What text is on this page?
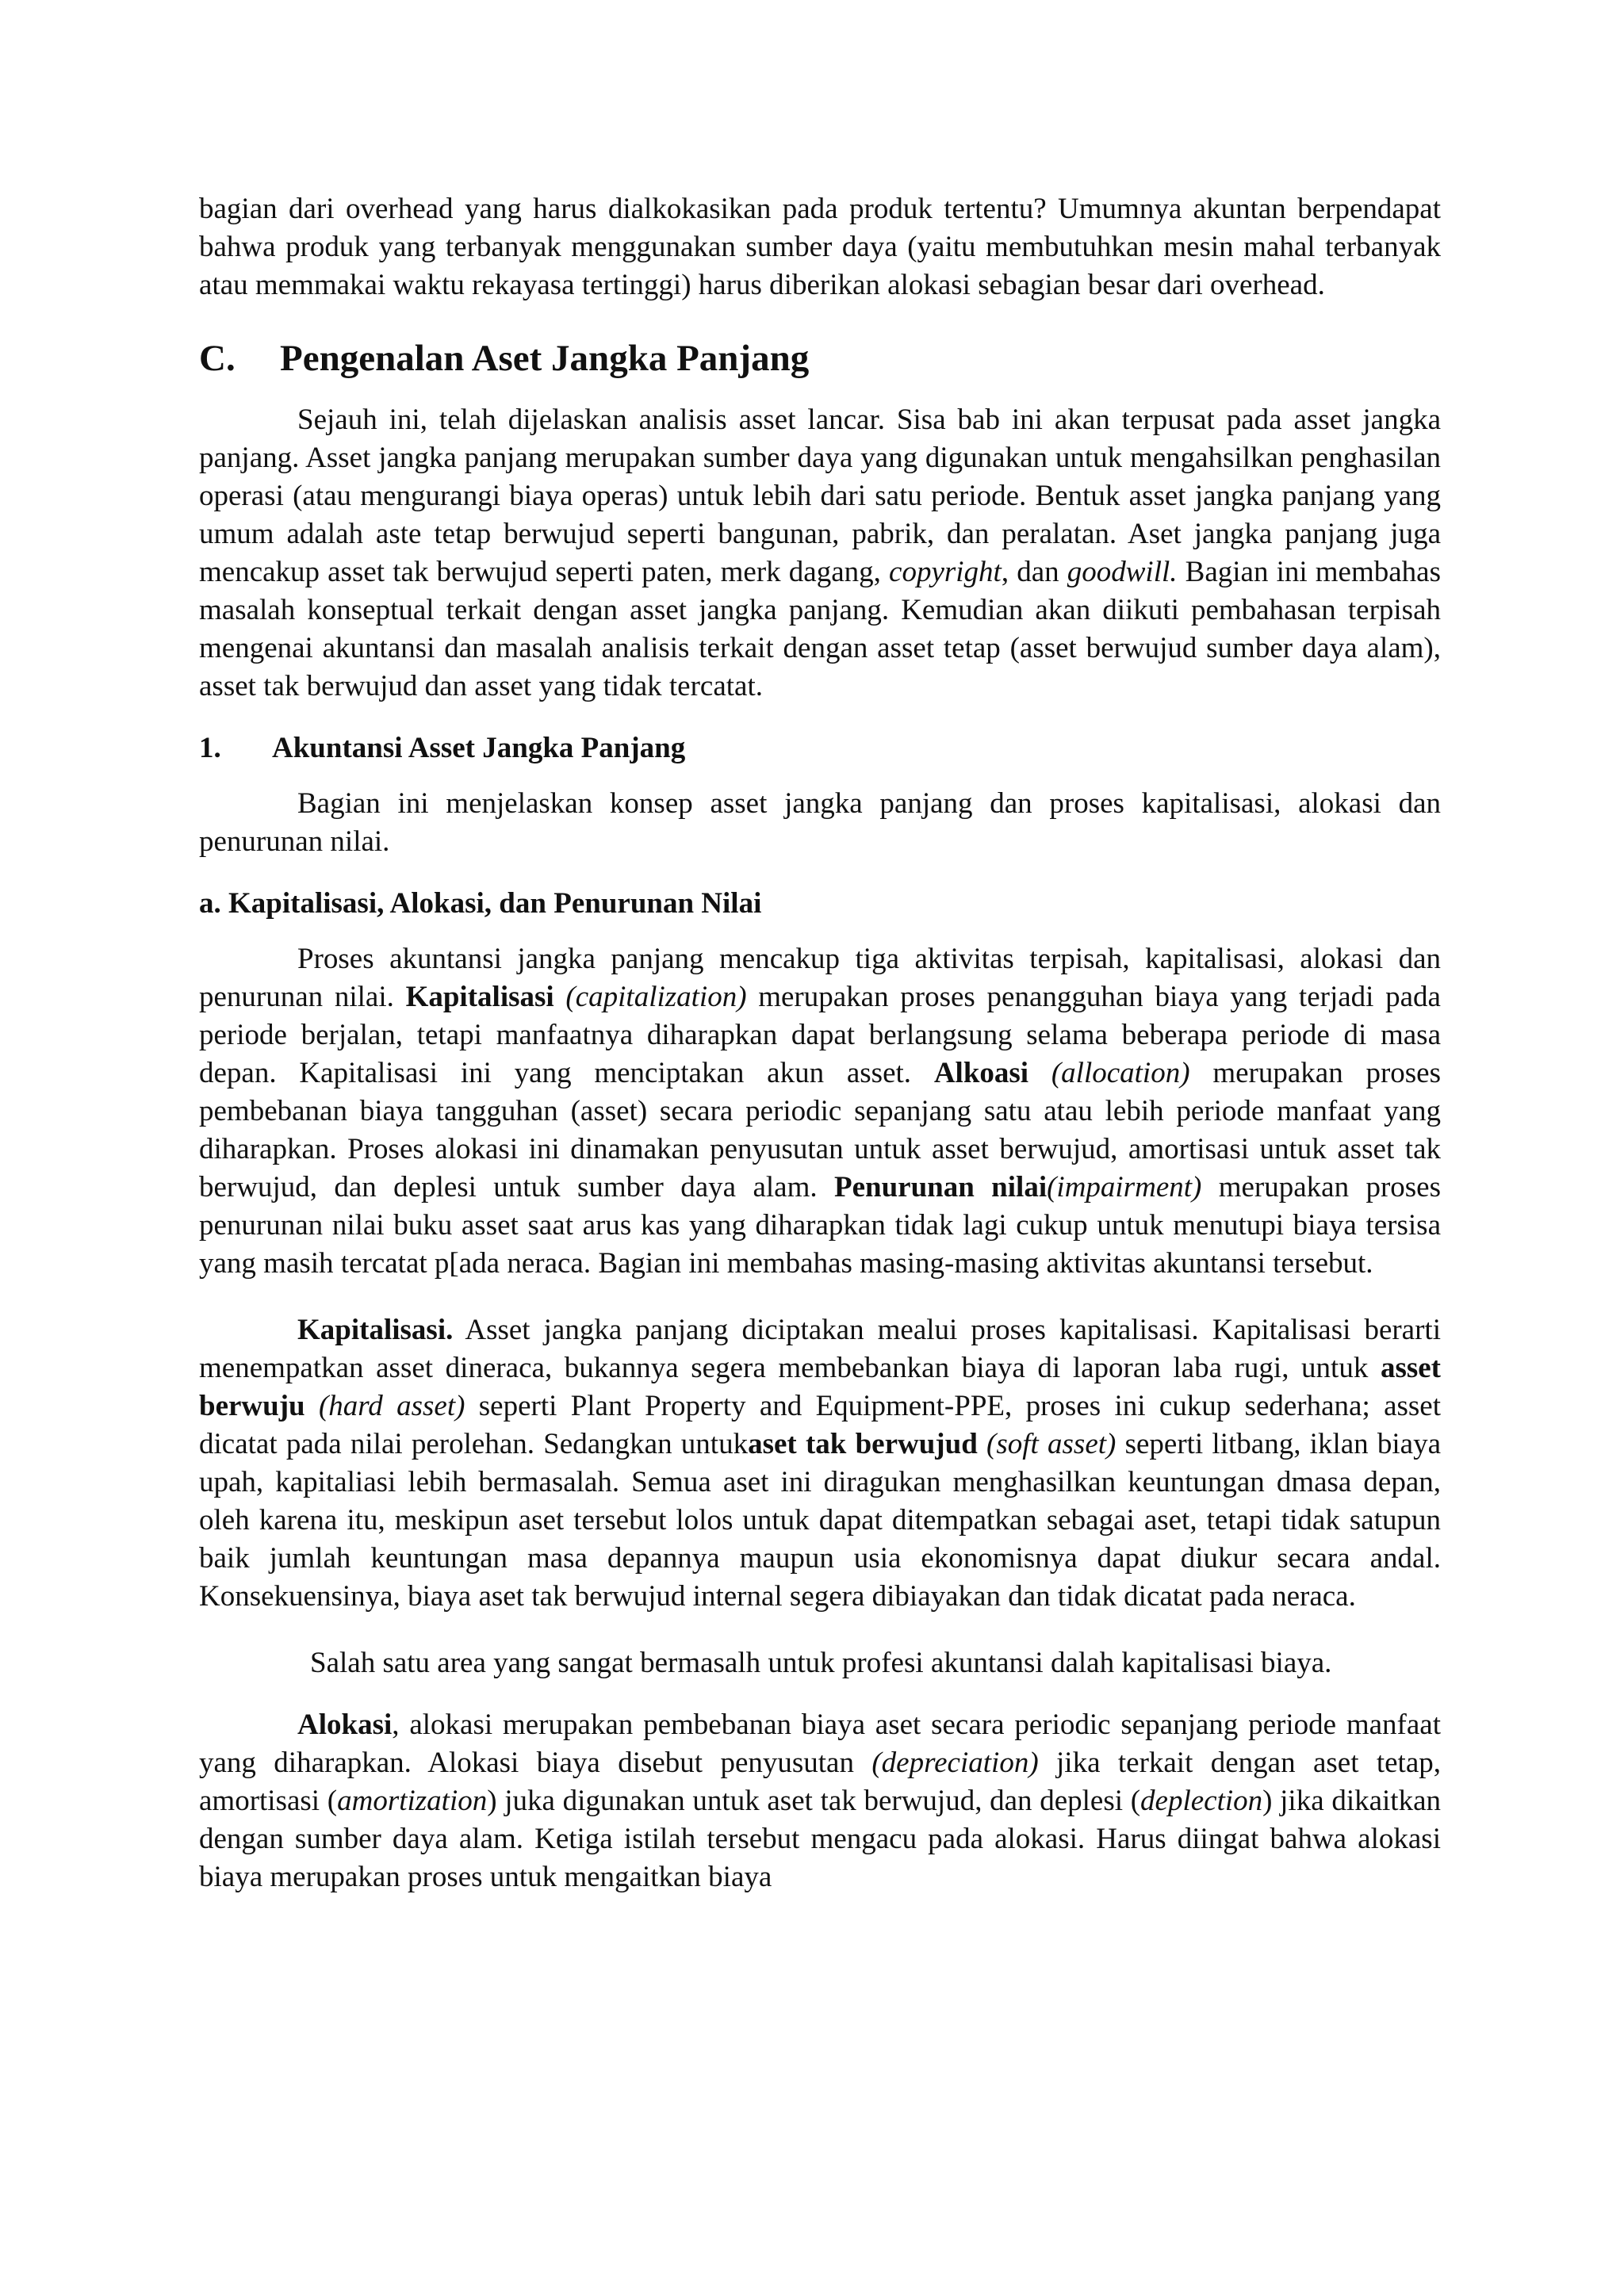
bagian dari overhead yang harus dialkokasikan pada produk tertentu? Umumnya akuntan berpendapat bahwa produk yang terbanyak menggunakan sumber daya (yaitu membutuhkan mesin mahal terbanyak atau memmakai waktu rekayasa tertinggi) harus diberikan alokasi sebagian besar dari overhead.

C. Pengenalan Aset Jangka Panjang

Sejauh ini, telah dijelaskan analisis asset lancar. Sisa bab ini akan terpusat pada asset jangka panjang. Asset jangka panjang merupakan sumber daya yang digunakan untuk mengahsilkan penghasilan operasi (atau mengurangi biaya operas) untuk lebih dari satu periode. Bentuk asset jangka panjang yang umum adalah aste tetap berwujud seperti bangunan, pabrik, dan peralatan. Aset jangka panjang juga mencakup asset tak berwujud seperti paten, merk dagang, copyright, dan goodwill. Bagian ini membahas masalah konseptual terkait dengan asset jangka panjang. Kemudian akan diikuti pembahasan terpisah mengenai akuntansi dan masalah analisis terkait dengan asset tetap (asset berwujud sumber daya alam), asset tak berwujud dan asset yang tidak tercatat.

1. Akuntansi Asset Jangka Panjang

Bagian ini menjelaskan konsep asset jangka panjang dan proses kapitalisasi, alokasi dan penurunan nilai.

a. Kapitalisasi, Alokasi, dan Penurunan Nilai

Proses akuntansi jangka panjang mencakup tiga aktivitas terpisah, kapitalisasi, alokasi dan penurunan nilai. Kapitalisasi (capitalization) merupakan proses penangguhan biaya yang terjadi pada periode berjalan, tetapi manfaatnya diharapkan dapat berlangsung selama beberapa periode di masa depan. Kapitalisasi ini yang menciptakan akun asset. Alkoasi (allocation) merupakan proses pembebanan biaya tangguhan (asset) secara periodic sepanjang satu atau lebih periode manfaat yang diharapkan. Proses alokasi ini dinamakan penyusutan untuk asset berwujud, amortisasi untuk asset tak berwujud, dan deplesi untuk sumber daya alam. Penurunan nilai(impairment) merupakan proses penurunan nilai buku asset saat arus kas yang diharapkan tidak lagi cukup untuk menutupi biaya tersisa yang masih tercatat p[ada neraca. Bagian ini membahas masing-masing aktivitas akuntansi tersebut.

Kapitalisasi. Asset jangka panjang diciptakan mealui proses kapitalisasi. Kapitalisasi berarti menempatkan asset dineraca, bukannya segera membebankan biaya di laporan laba rugi, untuk asset berwuju (hard asset) seperti Plant Property and Equipment-PPE, proses ini cukup sederhana; asset dicatat pada nilai perolehan. Sedangkan untukaset tak berwujud (soft asset) seperti litbang, iklan biaya upah, kapitaliasi lebih bermasalah. Semua aset ini diragukan menghasilkan keuntungan dmasa depan, oleh karena itu, meskipun aset tersebut lolos untuk dapat ditempatkan sebagai aset, tetapi tidak satupun baik jumlah keuntungan masa depannya maupun usia ekonomisnya dapat diukur secara andal. Konsekuensinya, biaya aset tak berwujud internal segera dibiayakan dan tidak dicatat pada neraca.

Salah satu area yang sangat bermasalh untuk profesi akuntansi dalah kapitalisasi biaya.

Alokasi, alokasi merupakan pembebanan biaya aset secara periodic sepanjang periode manfaat yang diharapkan. Alokasi biaya disebut penyusutan (depreciation) jika terkait dengan aset tetap, amortisasi (amortization) juka digunakan untuk aset tak berwujud, dan deplesi (deplection) jika dikaitkan dengan sumber daya alam. Ketiga istilah tersebut mengacu pada alokasi. Harus diingat bahwa alokasi biaya merupakan proses untuk mengaitkan biaya
